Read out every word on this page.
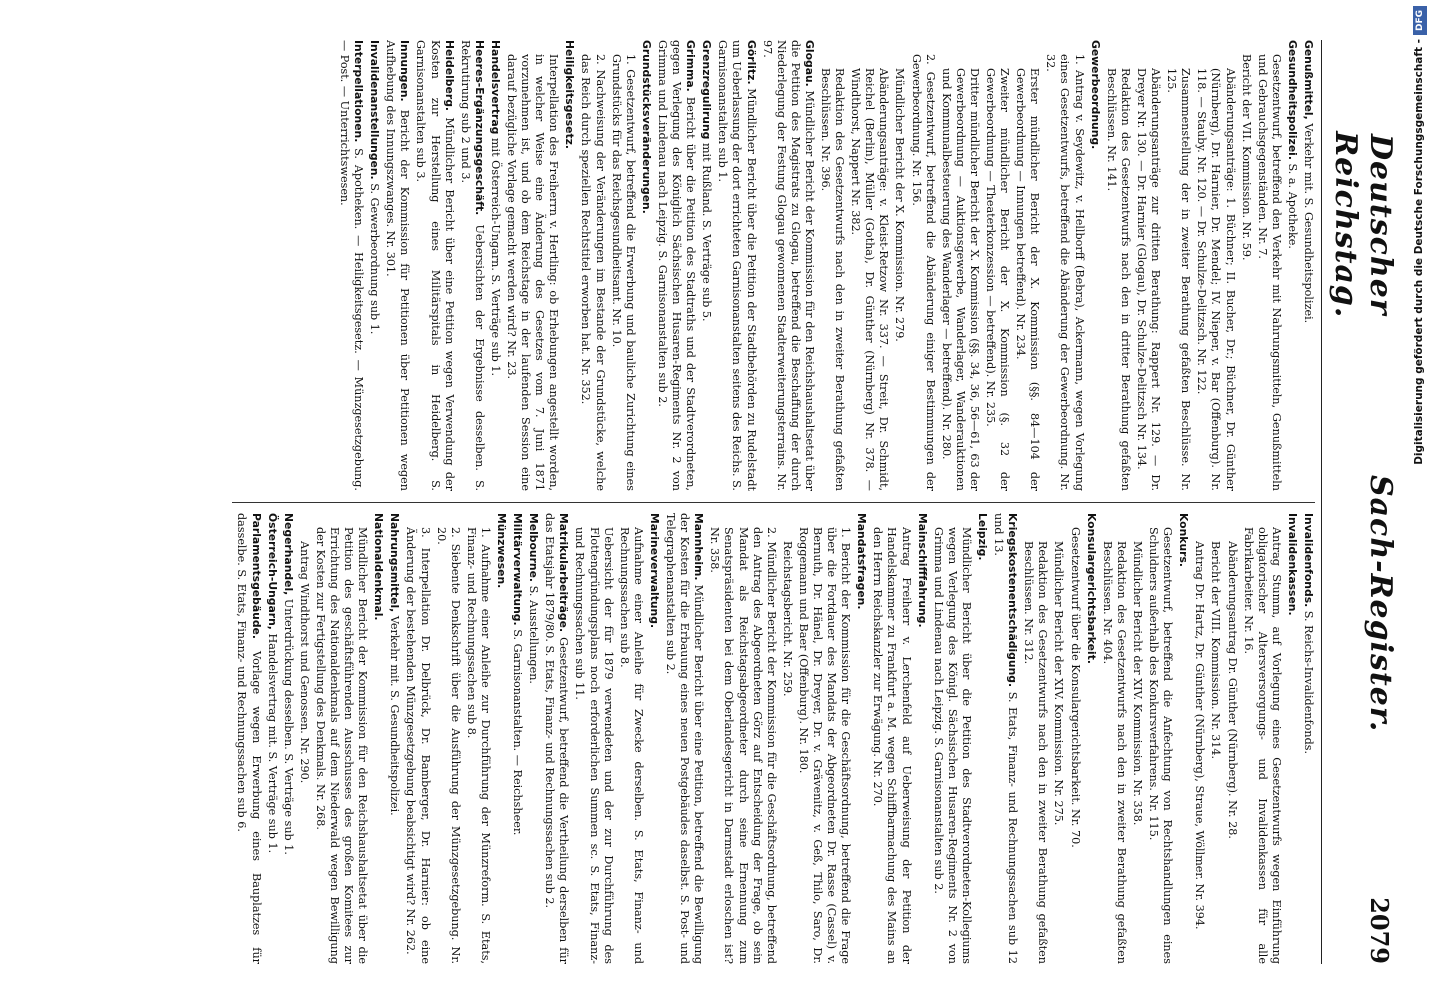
Deutscher Reichstag.
Sach-Register.
2079
Genußmittel, Verkehr mit. S. Gesundheitspolizei.
Gesundheitspolizei. S. a. Apotheke.
Gesetzentwurf, betreffend den Verkehr mit Nahrungsmitteln, Genußmitteln und Gebrauchsgegenständen. Nr. 7.
Bericht der VII. Kommission. Nr. 59.
Abänderungsanträge: 1. Büchner; II. Bucher, Dr.; Büchner, Dr. Günther (Nürnberg), Dr. Harnier, Dr. Mendel; IV. Nieper, v. Bar (Offenburg). Nr. 118. — Stauby. Nr. 120. — Dr. Schulze-Delitzsch. Nr. 122.
Zusammenstellung der in zweiter Berathung gefaßten Beschlüsse. Nr. 125.
Abänderungsanträge zur dritten Berathung: Rappert Nr. 129. — Dr. Dreyer Nr. 130. — Dr. Harnier (Glogau), Dr. Schulze-Delitzsch Nr. 134.
Redaktion des Gesetzentwurfs nach den in dritter Berathung gefaßten Beschlüssen. Nr. 141.
Gewerbeordnung.
1. Antrag v. Seydewitz, v. Hellborff (Bebra), Ackermann, wegen Vorlegung eines Gesetzentwurfs, betreffend die Abänderung der Gewerbeordnung. Nr. 32.
Erster mündlicher Bericht der X. Kommission (§§. 84—104 der Gewerbeordnung — Innungen betreffend). Nr. 234.
Zweiter mündlicher Bericht der X. Kommission (§. 32 der Gewerbeordnung — Theaterkonzession — betreffend). Nr. 235.
Dritter mündlicher Bericht der X. Kommission (§§. 34, 36, 56—61, 63 der Gewerbeordnung — Auktionsgewerbe, Wanderlager, Wanderauktionen und Kommunalbesteuerung des Wanderlager — betreffend). Nr. 280.
2. Gesetzentwurf, betreffend die Abänderung einiger Bestimmungen der Gewerbeordnung. Nr. 156.
Mündlicher Bericht der X. Kommission. Nr. 279.
Abänderungsanträge: v. Kleist-Retzow Nr. 337. — Streit, Dr. Schmidt, Reichel (Berlin), Müller (Gotha), Dr. Günther (Nürnberg) Nr. 378. — Windthorst, Nappert Nr. 382.
Redaktion des Gesetzentwurfs nach den in zweiter Berathung gefaßten Beschlüssen. Nr. 396.
Glogau. Mündlicher Bericht der Kommission für den Reichshaushaltsetat über die Petition des Magistrats zu Glogau, betreffend die Beschaffung der durch Niederlegung der Festung Glogau gewonnenen Stadterweiterungsterrains. Nr. 97.
Görlitz. Mündlicher Bericht über die Petition der Stadtbehörden zu Rudelstadt um Ueberlassung der dort errichteten Garnisonanstalten seitens des Reichs. S. Garnisonanstalten sub 1.
Grenzregulirung mit Rußland. S. Verträge sub 5.
Grimma. Bericht über die Petition des Stadtraths und der Stadtverordneten, gegen Verlegung des Königlich Sächsischen Husaren-Regiments Nr. 2 von Grimma und Lindenau nach Leipzig. S. Garnisonanstalten sub 2.
Grundstücksveränderungen.
1. Gesetzentwurf, betreffend die Erwerbung und bauliche Zurichtung eines Grundstücks für das Reichsgesundheitsamt. Nr. 10.
2. Nachweisung der Veränderungen im Bestande der Grundstücke, welche das Reich durch speziellen Rechtstitel erworben hat. Nr. 352.
Heiligkeitsgesetz.
Interpellation des Freiherrn v. Hertling: ob Erhebungen angestellt worden, in welcher Weise eine Änderung des Gesetzes vom 7. Juni 1871 vorzunehmen ist, und ob dem Reichstage in der laufenden Session eine darauf bezügliche Vorlage gemacht werden wird? Nr. 23.
Handelsvertrag mit Österreich-Ungarn. S. Verträge sub 1.
Heeres-Ergänzungsgeschäft. Uebersichten der Ergebnisse desselben. S. Rekrutirung sub 2 und 3.
Heidelberg. Mündlicher Bericht über eine Petition wegen Verwendung der Kosten zur Herstellung eines Militärspitals in Heidelberg. S. Garnisonanstalten sub 3.
Innungen. Bericht der Kommission für Petitionen über Petitionen wegen Aufhebung des Innungszwanges. Nr. 301.
Invalidenanstellungen. S. Gewerbeordnung sub 1.
Interpellationen. S. Apotheken. — Heiligkeitsgesetz. — Münzgesetzgebung. — Post. — Unterrichtswesen.
Invalidenfonds. S. Reichs-Invalidenfonds.
Invalidenkassen.
Antrag Stumm, auf Vorlegung eines Gesetzentwurfs wegen Einführung obligatorischer Altersversorgungs- und Invalidenkassen für alle Fabrikarbeiter. Nr. 16.
Abänderungsantrag Dr. Günther (Nürnberg). Nr. 28.
Bericht der VIII. Kommission. Nr. 314.
Antrag Dr. Hartz, Dr. Günther (Nürnberg), Straue, Wöllmer. Nr. 394.
Konkurs.
Gesetzentwurf, betreffend die Anfechtung von Rechtshandlungen eines Schuldners außerhalb des Konkursverfahrens. Nr. 115.
Mündlicher Bericht der XIV. Kommission. Nr. 358.
Redaktion des Gesetzentwurfs nach den in zweiter Berathung gefaßten Beschlüssen. Nr. 404.
Konsulargerichtsbarkeit.
Gesetzentwurf über die Konsulargerichtsbarkeit. Nr. 70.
Mündlicher Bericht der XIV. Kommission. Nr. 275.
Redaktion des Gesetzentwurfs nach den in zweiter Berathung gefaßten Beschlüssen. Nr. 312.
Kriegskostenentschädigung. S. Etats, Finanz- und Rechnungssachen sub 12 und 13.
Leipzig.
Mündlicher Bericht über die Petition des Stadtverordneten-Kollegiums wegen Verlegung des Königl. Sächsischen Husaren-Regiments Nr. 2 von Grimma und Lindenau nach Leipzig. S. Garnisonanstalten sub 2.
Mainschifffahrung.
Antrag Freiherr v. Lerchenfeld auf Ueberweisung der Petition der Handelskammer zu Frankfurt a. M. wegen Schiffbarmachung des Mains an den Herrn Reichskanzler zur Erwägung. Nr. 270.
Mandatsfragen.
1. Bericht der Kommission für die Geschäftsordnung, betreffend die Frage über die Fortdauer des Mandats der Abgeordneten Dr. Rasse (Cassel) v. Bernuth, Dr. Hänel, Dr. Dreyer, Dr. v. Grävenitz, v. Geß, Thilo, Saro, Dr. Roggemann und Baer (Offenburg). Nr. 180.
Reichstagsbericht. Nr. 259.
2. Mündlicher Bericht der Kommission für die Geschäftsordnung, betreffend den Antrag des Abgeordneten Görz auf Entscheidung der Frage, ob sein Mandat als Reichstagsabgeordneter durch seine Ernennung zum Senatspräsidenten bei dem Oberlandesgericht in Darmstadt erloschen ist? Nr. 358.
Mannheim. Mündlicher Bericht über eine Petition, betreffend die Bewilligung der Kosten für die Erbauung eines neuen Postgebäudes daselbst. S. Post- und Telegraphenanstalten sub 2.
Marineverwaltung.
Aufnahme einer Anleihe für Zwecke derselben. S. Etats, Finanz- und Rechnungssachen sub 8.
Uebersicht der für 1879 verwendeten und der zur Durchführung des Flottengründungsplans noch erforderlichen Summen sc. S. Etats, Finanz- und Rechnungssachen sub 11.
Matrikularbeiträge. Gesetzentwurf, betreffend die Vertheilung derselben für das Etatsjahr 1879/80. S. Etats, Finanz- und Rechnungssachen sub 2.
Melbourne. S. Ausstellungen.
Militärverwaltung. S. Garnisonanstalten. — Reichsheer.
Münzwesen.
1. Aufnahme einer Anleihe zur Durchführung der Münzreform. S. Etats, Finanz- und Rechnungssachen sub 8.
2. Siebente Denkschrift über die Ausführung der Münzgesetzgebung. Nr. 20.
3. Interpellation Dr. Delbrück, Dr. Bamberger, Dr. Harnier: ob eine Änderung der bestehenden Münzgesetzgebung beabsichtigt wird? Nr. 262.
Nahrungsmittel, Verkehr mit. S. Gesundheitspolizei.
Nationaldenkmal.
Mündlicher Bericht der Kommission für den Reichshaushaltsetat über die Petition des geschäftsführenden Ausschusses des großen Komitees zur Errichtung des Nationaldenkmals auf dem Niederwald wegen Bewilligung der Kosten zur Fertigstellung des Denkmals. Nr. 268.
Antrag Windthorst und Genossen. Nr. 290.
Negerhandel, Unterdrückung desselben. S. Verträge sub 1.
Österreich-Ungarn, Handelsvertrag mit. S. Verträge sub 1.
Parlamentsgebäude. Vorlage wegen Erwerbung eines Bauplatzes für dasselbe. S. Etats, Finanz- und Rechnungssachen sub 6.
Digitalisierung gefördert durch die Deutsche Forschungsgemeinschaft -DFG
